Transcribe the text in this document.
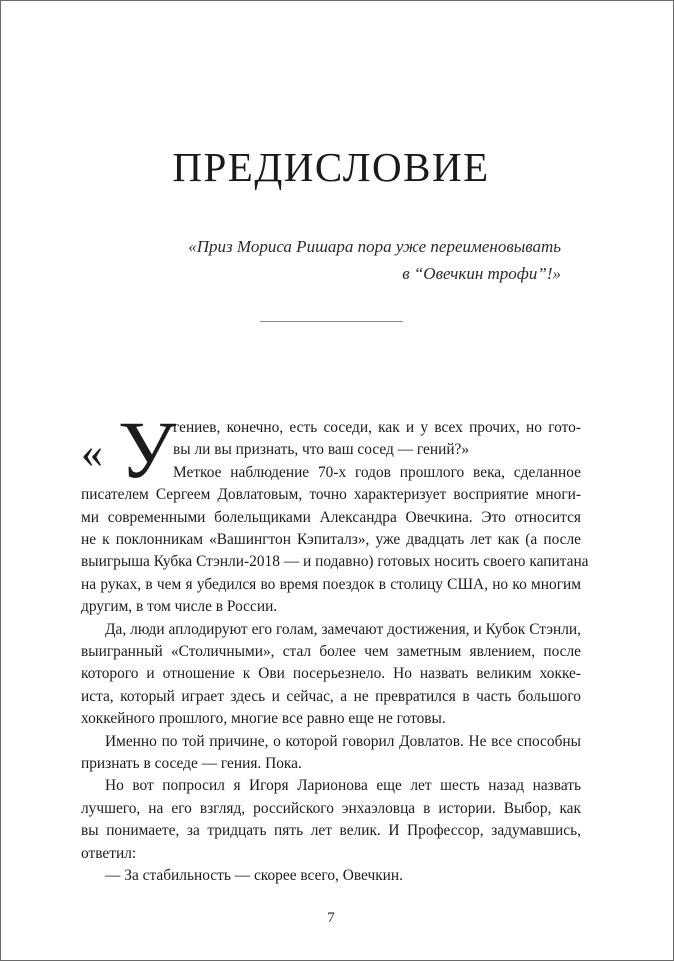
ПРЕДИСЛОВИЕ
«Приз Мориса Ришара пора уже переименовывать
в “Овечкин трофи”!»
« У
гениев, конечно, есть соседи, как и у всех прочих, но гото-
вы ли вы признать, что ваш сосед — гений?»
Меткое наблюдение 70-х годов прошлого века, сделанное
писателем Сергеем Довлатовым, точно характеризует восприятие многи-
ми современными болельщиками Александра Овечкина. Это относится
не к поклонникам «Вашингтон Кэпиталз», уже двадцать лет как (а после
выигрыша Кубка Стэнли-2018 — и подавно) готовых носить своего капитана
на руках, в чем я убедился во время поездок в столицу США, но ко многим
другим, в том числе в России.
Да, люди аплодируют его голам, замечают достижения, и Кубок Стэнли,
выигранный «Столичными», стал более чем заметным явлением, после
которого и отношение к Ови посерьезнело. Но назвать великим хокке-
иста, который играет здесь и сейчас, а не превратился в часть большого
хоккейного прошлого, многие все равно еще не готовы.
Именно по той причине, о которой говорил Довлатов. Не все способны
признать в соседе — гения. Пока.
Но вот попросил я Игоря Ларионова еще лет шесть назад назвать
лучшего, на его взгляд, российского энхаэловца в истории. Выбор, как
вы понимаете, за тридцать пять лет велик. И Профессор, задумавшись,
ответил:
— За стабильность — скорее всего, Овечкин.
7
